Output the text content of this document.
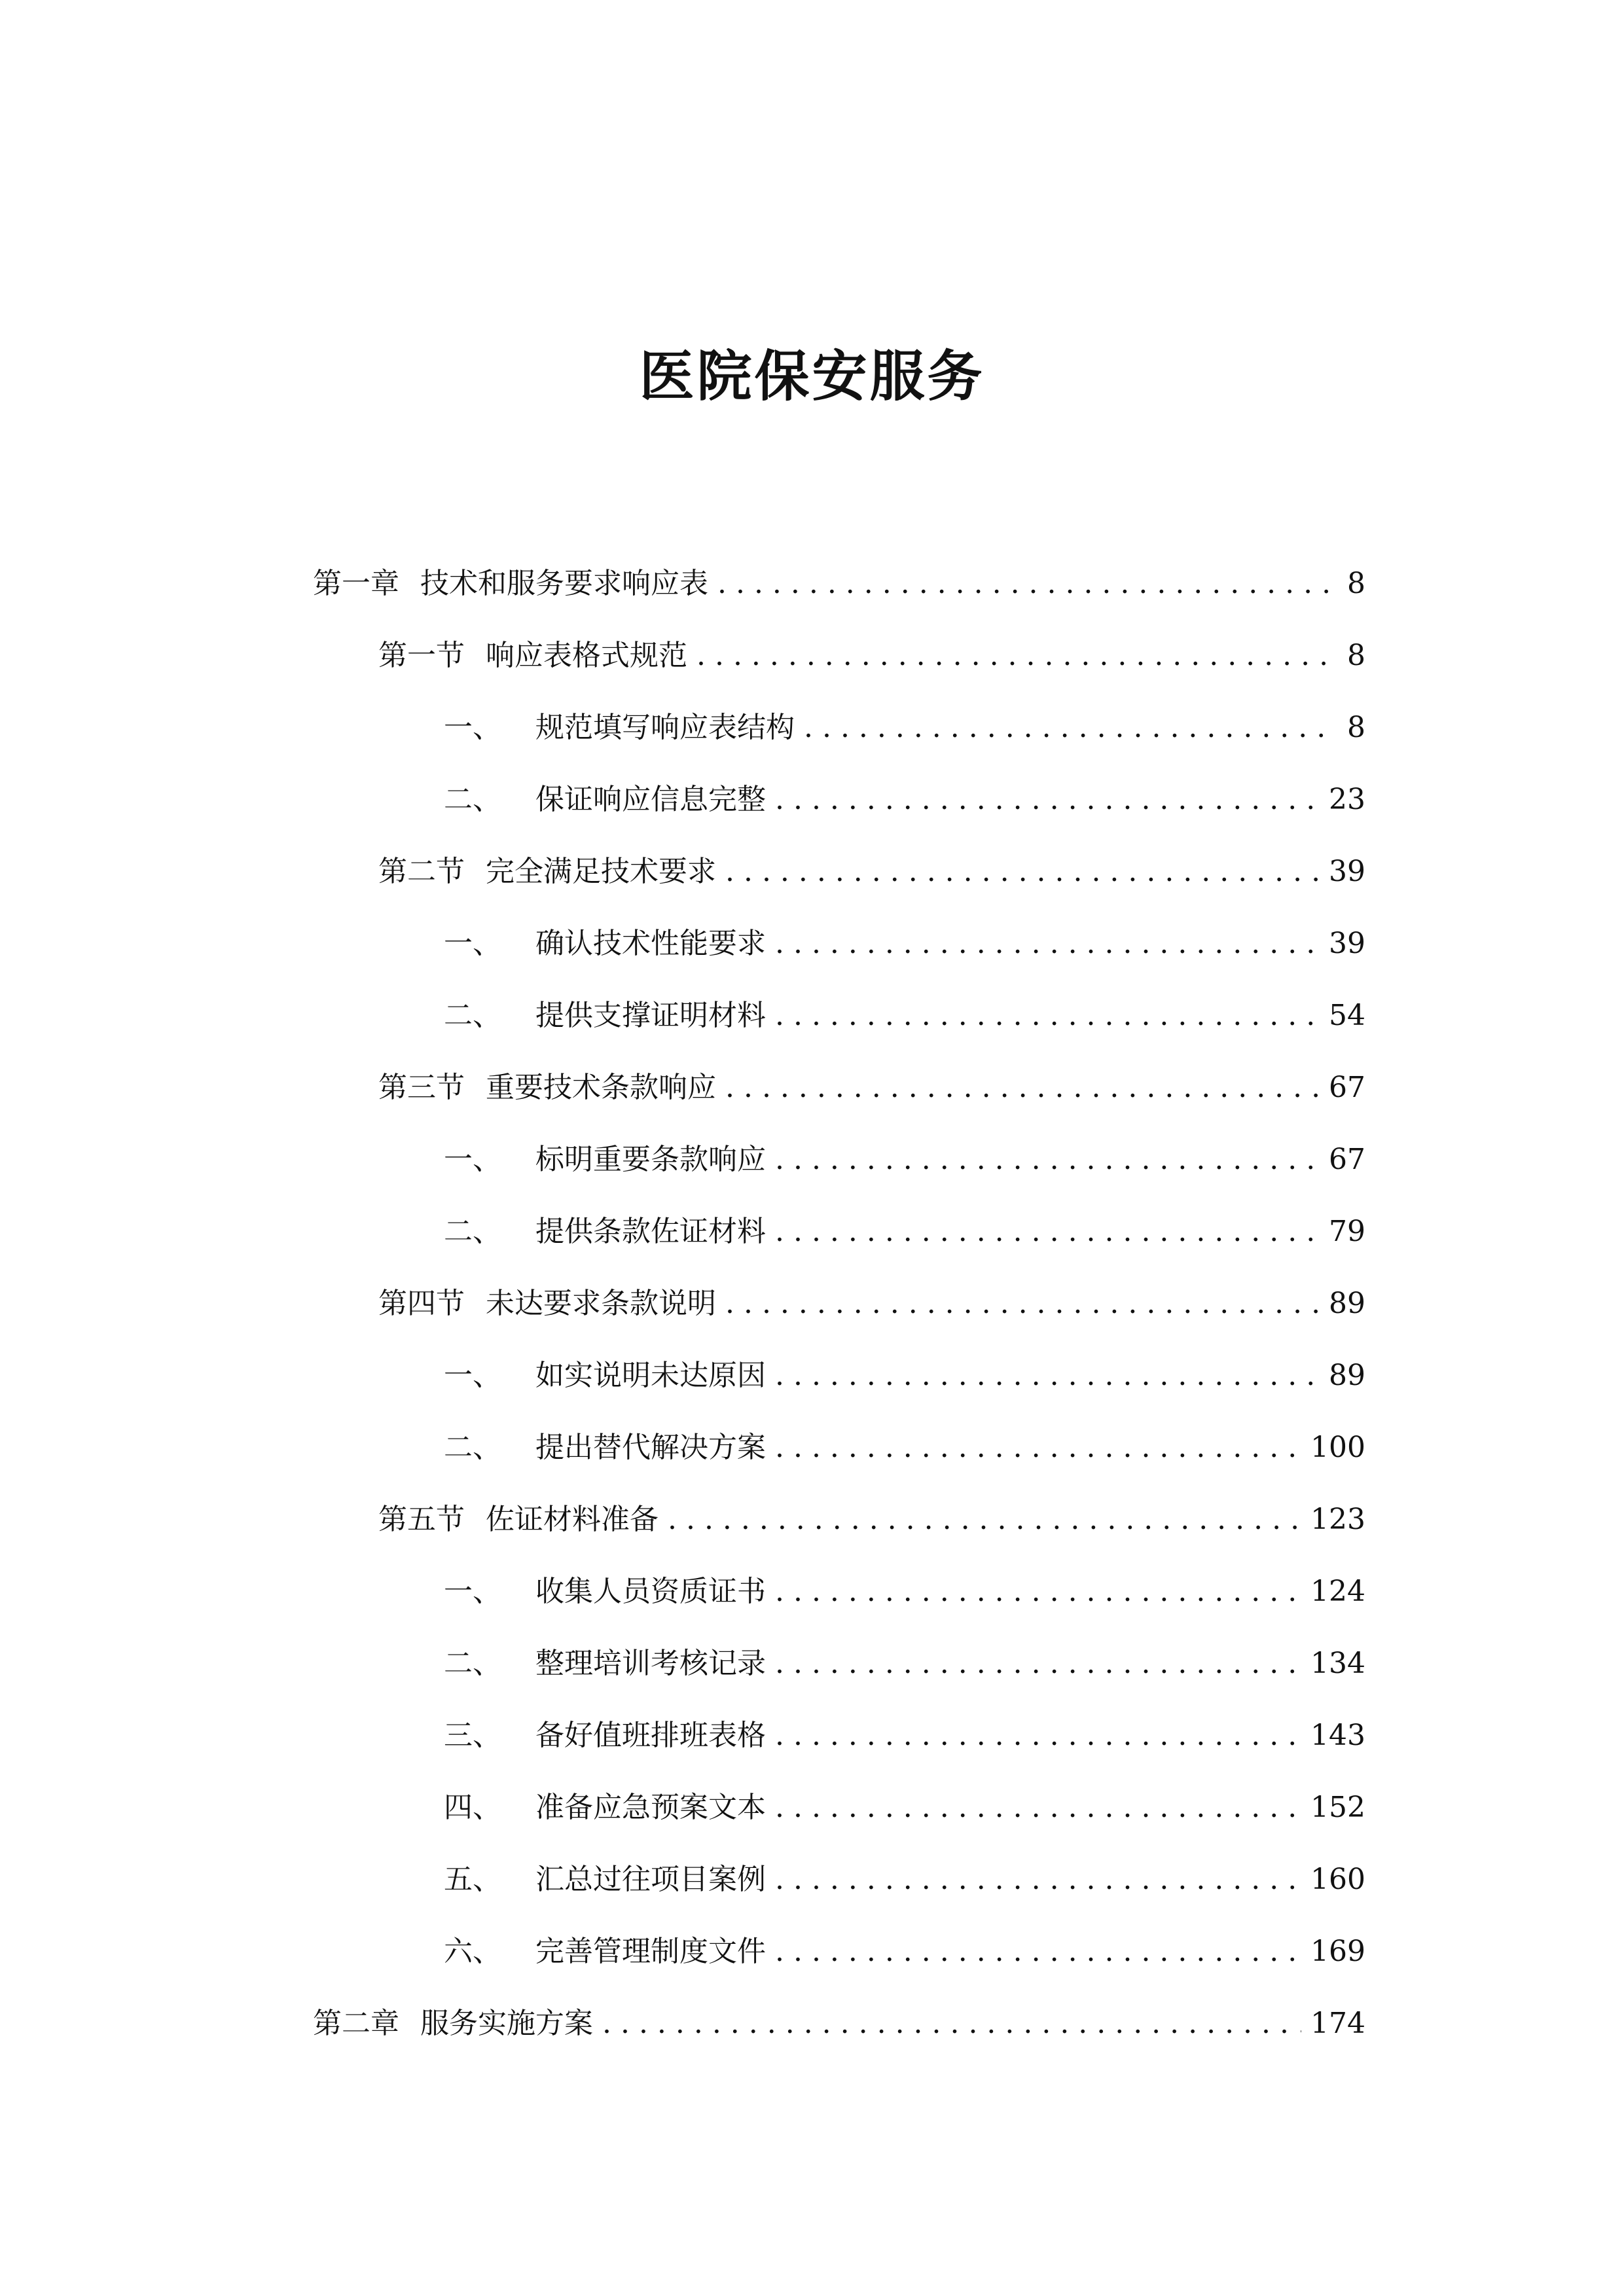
医院保安服务
第一章 技术和服务要求响应表 . . .	8
第一节 响应表格式规范 . . .	8
一、 规范填写响应表结构 . . .	8
二、 保证响应信息完整 . . .	23
第二节 完全满足技术要求 . . .	39
一、 确认技术性能要求 . . .	39
二、 提供支撑证明材料 . . .	54
第三节 重要技术条款响应 . . .	67
一、 标明重要条款响应 . . .	67
二、 提供条款佐证材料 . . .	79
第四节 未达要求条款说明 . . .	89
一、 如实说明未达原因 . . .	89
二、 提出替代解决方案 . . .	100
第五节 佐证材料准备 . . .	123
一、 收集人员资质证书 . . .	124
二、 整理培训考核记录 . . .	134
三、 备好值班排班表格 . . .	143
四、 准备应急预案文本 . . .	152
五、 汇总过往项目案例 . . .	160
六、 完善管理制度文件 . . .	169
第二章 服务实施方案 . . .	174
